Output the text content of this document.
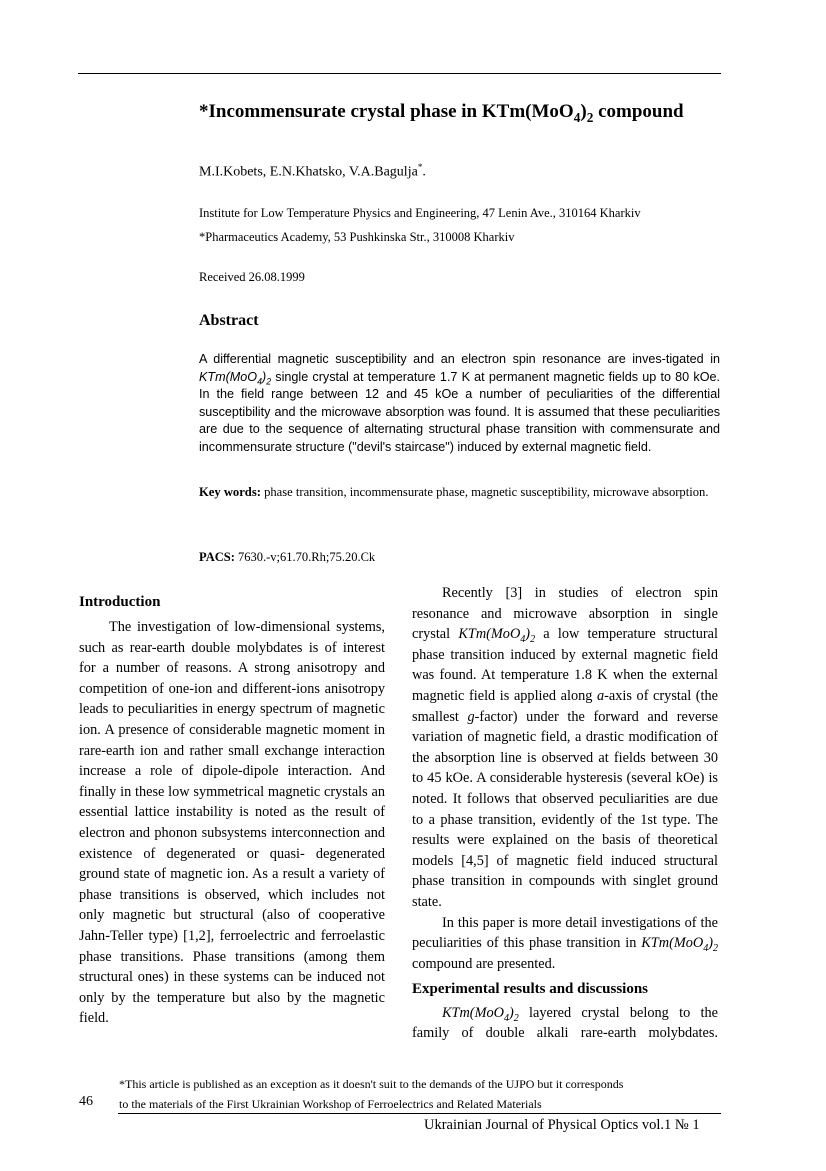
*Incommensurate crystal phase in $KTm(MoO_4)_2$ compound
M.I.Kobets, E.N.Khatsko, V.A.Bagulja*.
Institute for Low Temperature Physics and Engineering, 47 Lenin Ave., 310164 Kharkiv
*Pharmaceutics Academy, 53 Pushkinska Str., 310008 Kharkiv
Received 26.08.1999
Abstract
A differential magnetic susceptibility and an electron spin resonance are inves-tigated in $KTm(MoO_4)_2$ single crystal at temperature 1.7 K at permanent magnetic fields up to 80 kOe. In the field range between 12 and 45 kOe a number of peculiarities of the differential susceptibility and the microwave absorption was found. It is assumed that these peculiarities are due to the sequence of alternating structural phase transition with commensurate and incommensurate structure ("devil's staircase") induced by external magnetic field.
Key words: phase transition, incommensurate phase, magnetic susceptibility, microwave absorption.
PACS: 7630.-v;61.70.Rh;75.20.Ck
Introduction

The investigation of low-dimensional systems, such as rear-earth double molybdates is of interest for a number of reasons. A strong anisotropy and competition of one-ion and different-ions anisotropy leads to peculiarities in energy spectrum of magnetic ion. A presence of considerable magnetic moment in rare-earth ion and rather small exchange interaction increase a role of dipole-dipole interaction. And finally in these low symmetrical magnetic crystals an essential lattice instability is noted as the result of electron and phonon subsystems interconnection and existence of degenerated or quasi- degenerated ground state of magnetic ion. As a result a variety of phase transitions is observed, which includes not only magnetic but structural (also of cooperative Jahn-Teller type) [1,2], ferroelectric and ferroelastic phase transitions. Phase transitions (among them structural ones) in these systems can be induced not only by the temperature but also by the magnetic field.

Recently [3] in studies of electron spin resonance and microwave absorption in single crystal $KTm(MoO_4)_2$ a low temperature structural phase transition induced by external magnetic field was found. At temperature 1.8 K when the external magnetic field is applied along a-axis of crystal (the smallest g-factor) under the forward and reverse variation of magnetic field, a drastic modification of the absorption line is observed at fields between 30 to 45 kOe. A considerable hysteresis (several kOe) is noted. It follows that observed peculiarities are due to a phase transition, evidently of the 1st type. The results were explained on the basis of theoretical models [4,5] of magnetic field induced structural phase transition in compounds with singlet ground state.

In this paper is more detail investigations of the peculiarities of this phase transition in $KTm(MoO_4)_2$ compound are presented.

Experimental results and discussions

$KTm(MoO_4)_2$ layered crystal belong to the family of double alkali rare-earth molybdates.

*This article is published as an exception as it doesn't suit to the demands of the UJPO but it corresponds
to the materials of the First Ukrainian Workshop of Ferroelectrics and Related Materials
46
Ukrainian Journal of Physical Optics vol.1 № 1
